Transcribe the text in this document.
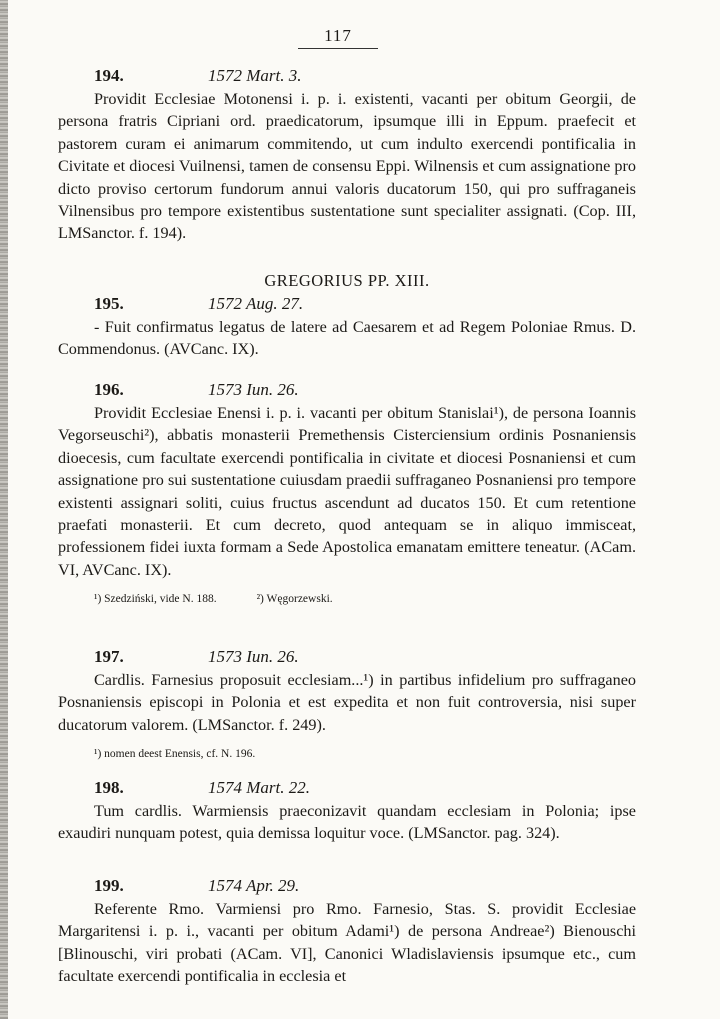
117
194.	1572 Mart. 3.

Providit Ecclesiae Motonensi i. p. i. existenti, vacanti per obitum Georgii, de persona fratris Cipriani ord. praedicatorum, ipsumque illi in Eppum. praefecit et pastorem curam ei animarum commitendo, ut cum indulto exercendi pontificalia in Civitate et diocesi Vuilnensi, tamen de consensu Eppi. Wilnensis et cum assignatione pro dicto proviso certorum fundorum annui valoris ducatorum 150, qui pro suffraganeis Vilnensibus pro tempore existentibus sustentatione sunt specialiter assignati. (Cop. III, LMSanctor. f. 194).

GREGORIUS PP. XIII.
195.	1572 Aug. 27.

- Fuit confirmatus legatus de latere ad Caesarem et ad Regem Poloniae Rmus. D. Commendonus. (AVCanc. IX).

196.	1573 Iun. 26.

Providit Ecclesiae Enensi i. p. i. vacanti per obitum Stanislai¹), de persona Ioannis Vegorseuschi²), abbatis monasterii Premethensis Cisterciensium ordinis Posnaniensis dioecesis, cum facultate exercendi pontificalia in civitate et diocesi Posnaniensi et cum assignatione pro sui sustentatione cuiusdam praedii suffraganeo Posnaniensi pro tempore existenti assignari soliti, cuius fructus ascendunt ad ducatos 150. Et cum retentione praefati monasterii. Et cum decreto, quod antequam se in aliquo immisceat, professionem fidei iuxta formam a Sede Apostolica emanatam emittere teneatur. (ACam. VI, AVCanc. IX).

¹) Szedziński, vide N. 188.	²) Węgorzewski.

197.	1573 Iun. 26.

Cardlis. Farnesius proposuit ecclesiam...¹) in partibus infidelium pro suffraganeo Posnaniensis episcopi in Polonia et est expedita et non fuit controversia, nisi super ducatorum valorem. (LMSanctor. f. 249).

¹) nomen deest Enensis, cf. N. 196.

198.	1574 Mart. 22.

Tum cardlis. Warmiensis praeconizavit quandam ecclesiam in Polonia; ipse exaudiri nunquam potest, quia demissa loquitur voce. (LMSanctor. pag. 324).

199.	1574 Apr. 29.

Referente Rmo. Varmiensi pro Rmo. Farnesio, Stas. S. providit Ecclesiae Margaritensi i. p. i., vacanti per obitum Adami¹) de persona Andreae²) Bienouschi [Blinouschi, viri probati (ACam. VI], Canonici Wladislaviensis ipsumque etc., cum facultate exercendi pontificalia in ecclesia et
